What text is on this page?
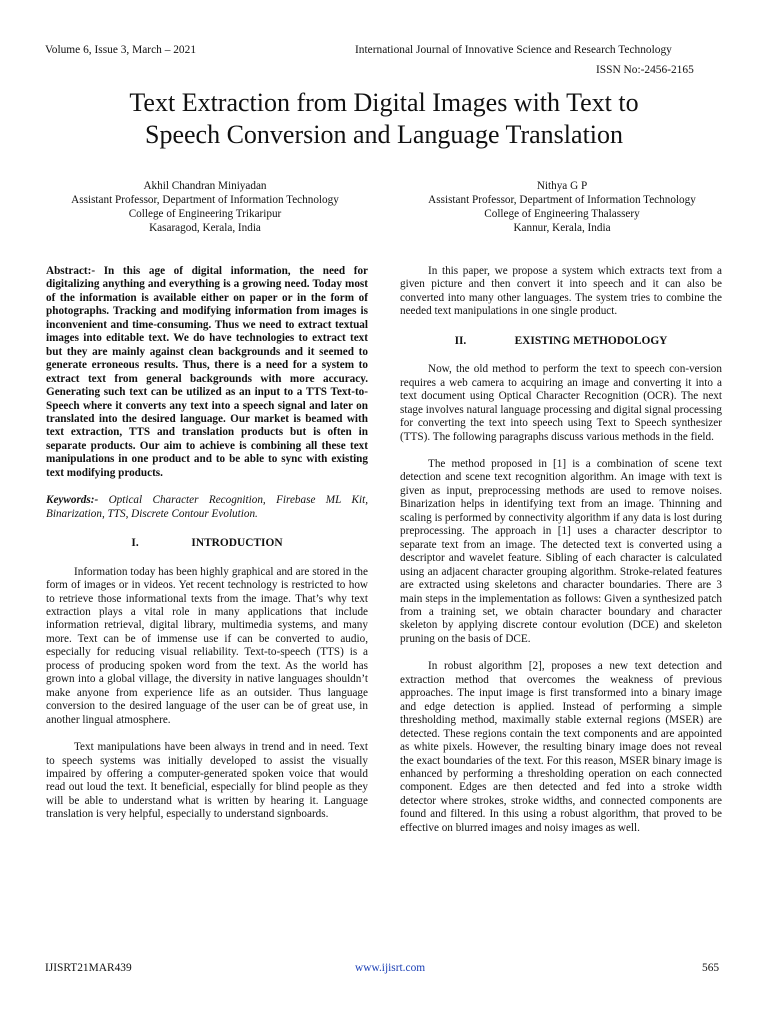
Volume 6, Issue 3, March – 2021	International Journal of Innovative Science and Research Technology
ISSN No:-2456-2165
Text Extraction from Digital Images with Text to
Speech Conversion and Language Translation
Akhil Chandran Miniyadan
Assistant Professor, Department of Information Technology
College of Engineering Trikaripur
Kasaragod, Kerala, India
Nithya G P
Assistant Professor, Department of Information Technology
College of Engineering Thalassery
Kannur, Kerala, India

Abstract:- In this age of digital information, the need for digitalizing anything and everything is a growing need. Today most of the information is available either on paper or in the form of photographs. Tracking and modifying information from images is inconvenient and time-consuming. Thus we need to extract textual images into editable text. We do have technologies to extract text but they are mainly against clean backgrounds and it seemed to generate erroneous results. Thus, there is a need for a system to extract text from general backgrounds with more accuracy. Generating such text can be utilized as an input to a TTS Text-to-Speech where it converts any text into a speech signal and later on translated into the desired language. Our market is beamed with text extraction, TTS and translation products but is often in separate products. Our aim to achieve is combining all these text manipulations in one product and to be able to sync with existing text modifying products.

Keywords:- Optical Character Recognition, Firebase ML Kit, Binarization, TTS, Discrete Contour Evolution.

I.	INTRODUCTION

Information today has been highly graphical and are stored in the form of images or in videos. Yet recent technology is restricted to how to retrieve those informational texts from the image. That’s why text extraction plays a vital role in many applications that include information retrieval, digital library, multimedia systems, and many more. Text can be of immense use if can be converted to audio, especially for reducing visual reliability. Text-to-speech (TTS) is a process of producing spoken word from the text. As the world has grown into a global village, the diversity in native languages shouldn’t make anyone from experience life as an outsider. Thus language conversion to the desired language of the user can be of great use, in another lingual atmosphere.

Text manipulations have been always in trend and in need. Text to speech systems was initially developed to assist the visually impaired by offering a computer-generated spoken voice that would read out loud the text. It beneficial, especially for blind people as they will be able to understand what is written by hearing it. Language translation is very helpful, especially to understand signboards.

In this paper, we propose a system which extracts text from a given picture and then convert it into speech and it can also be converted into many other languages. The system tries to combine the needed text manipulations in one single product.

II.	EXISTING METHODOLOGY

Now, the old method to perform the text to speech con-version requires a web camera to acquiring an image and converting it into a text document using Optical Character Recognition (OCR). The next stage involves natural language processing and digital signal processing for converting the text into speech using Text to Speech synthesizer (TTS). The following paragraphs discuss various methods in the field.

The method proposed in [1] is a combination of scene text detection and scene text recognition algorithm. An image with text is given as input, preprocessing methods are used to remove noises. Binarization helps in identifying text from an image. Thinning and scaling is performed by connectivity algorithm if any data is lost during preprocessing. The approach in [1] uses a character descriptor to separate text from an image. The detected text is converted using a descriptor and wavelet feature. Sibling of each character is calculated using an adjacent character grouping algorithm. Stroke-related features are extracted using skeletons and character boundaries. There are 3 main steps in the implementation as follows: Given a synthesized patch from a training set, we obtain character boundary and character skeleton by applying discrete contour evolution (DCE) and skeleton pruning on the basis of DCE.

In robust algorithm [2], proposes a new text detection and extraction method that overcomes the weakness of previous approaches. The input image is first transformed into a binary image and edge detection is applied. Instead of performing a simple thresholding method, maximally stable external regions (MSER) are detected. These regions contain the text components and are appointed as white pixels. However, the resulting binary image does not reveal the exact boundaries of the text. For this reason, MSER binary image is enhanced by performing a thresholding operation on each connected component. Edges are then detected and fed into a stroke width detector where strokes, stroke widths, and connected components are found and filtered. In this using a robust algorithm, that proved to be effective on blurred images and noisy images as well.

IJISRT21MAR439	www.ijisrt.com	565
